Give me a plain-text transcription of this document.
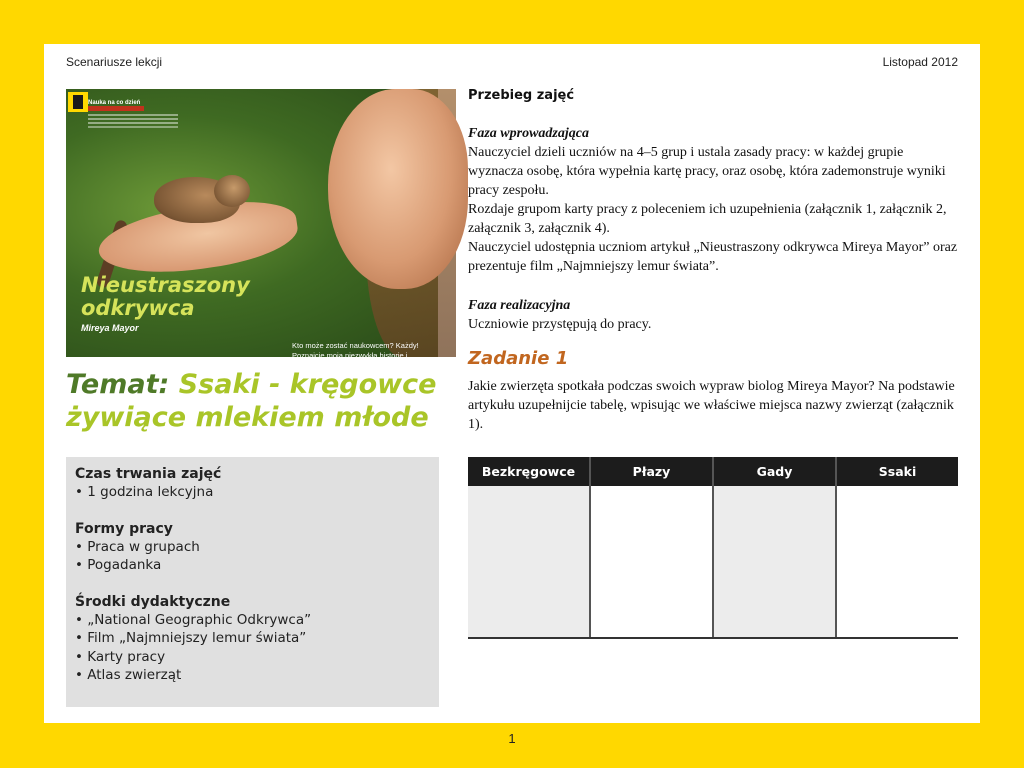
Scenariusze lekcji	Listopad 2012
Nauka na co dzień
Nieustraszony
odkrywca
Mireya Mayor
Kto może zostać naukowcem? Każdy! Poznajcie moją niezwykłą historię i przekonajcie się sami.
Temat: Ssaki - kręgowce żywiące mlekiem młode
Czas trwania zajęć
• 1 godzina lekcyjna
Formy pracy
• Praca w grupach
• Pogadanka
Środki dydaktyczne
• „National Geographic Odkrywca”
• Film „Najmniejszy lemur świata”
• Karty pracy
• Atlas zwierząt
Przebieg zajęć
Faza wprowadzająca
Nauczyciel dzieli uczniów na 4–5 grup i ustala zasady pracy: w każdej grupie wyznacza osobę, która wypełnia kartę pracy, oraz osobę, która zademonstruje wyniki pracy zespołu.
Rozdaje grupom karty pracy z poleceniem ich uzupełnienia (załącznik 1, załącznik 2, załącznik 3, załącznik 4).
Nauczyciel udostępnia uczniom artykuł „Nieustraszony odkrywca Mireya Mayor” oraz prezentuje film „Najmniejszy lemur świata”.
Faza realizacyjna
Uczniowie przystępują do pracy.
Zadanie 1
Jakie zwierzęta spotkała podczas swoich wypraw biolog Mireya Mayor? Na podstawie artykułu uzupełnijcie tabelę, wpisując we właściwe miejsca nazwy zwierząt (załącznik 1).
Bezkręgowce	Płazy	Gady	Ssaki
1
